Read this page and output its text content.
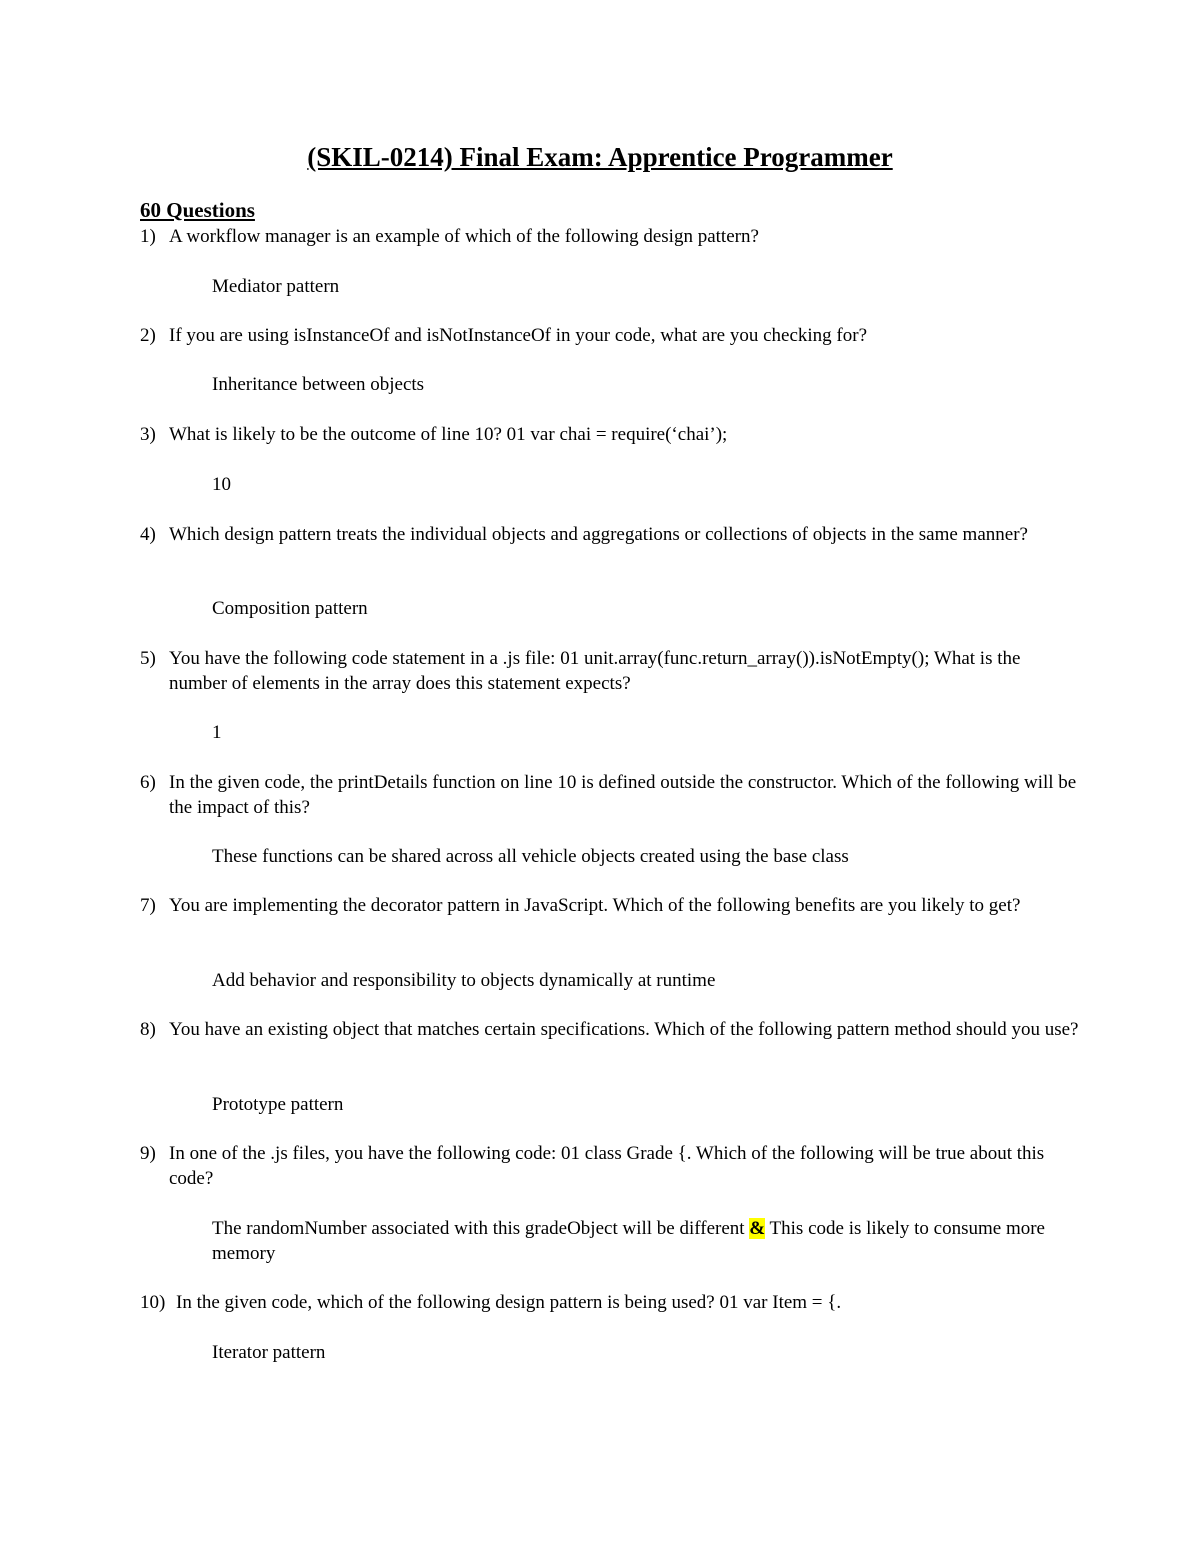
(SKIL-0214) Final Exam: Apprentice Programmer
60 Questions
1) A workflow manager is an example of which of the following design pattern?
Mediator pattern
2) If you are using isInstanceOf and isNotInstanceOf in your code, what are you checking for?
Inheritance between objects
3) What is likely to be the outcome of line 10? 01 var chai = require(‘chai’);
10
4) Which design pattern treats the individual objects and aggregations or collections of objects in the same manner?
Composition pattern
5) You have the following code statement in a .js file: 01 unit.array(func.return_array()).isNotEmpty(); What is the number of elements in the array does this statement expects?
1
6) In the given code, the printDetails function on line 10 is defined outside the constructor. Which of the following will be the impact of this?
These functions can be shared across all vehicle objects created using the base class
7) You are implementing the decorator pattern in JavaScript. Which of the following benefits are you likely to get?
Add behavior and responsibility to objects dynamically at runtime
8) You have an existing object that matches certain specifications. Which of the following pattern method should you use?
Prototype pattern
9) In one of the .js files, you have the following code: 01 class Grade {. Which of the following will be true about this code?
The randomNumber associated with this gradeObject will be different & This code is likely to consume more memory
10) In the given code, which of the following design pattern is being used? 01 var Item = {.
Iterator pattern
